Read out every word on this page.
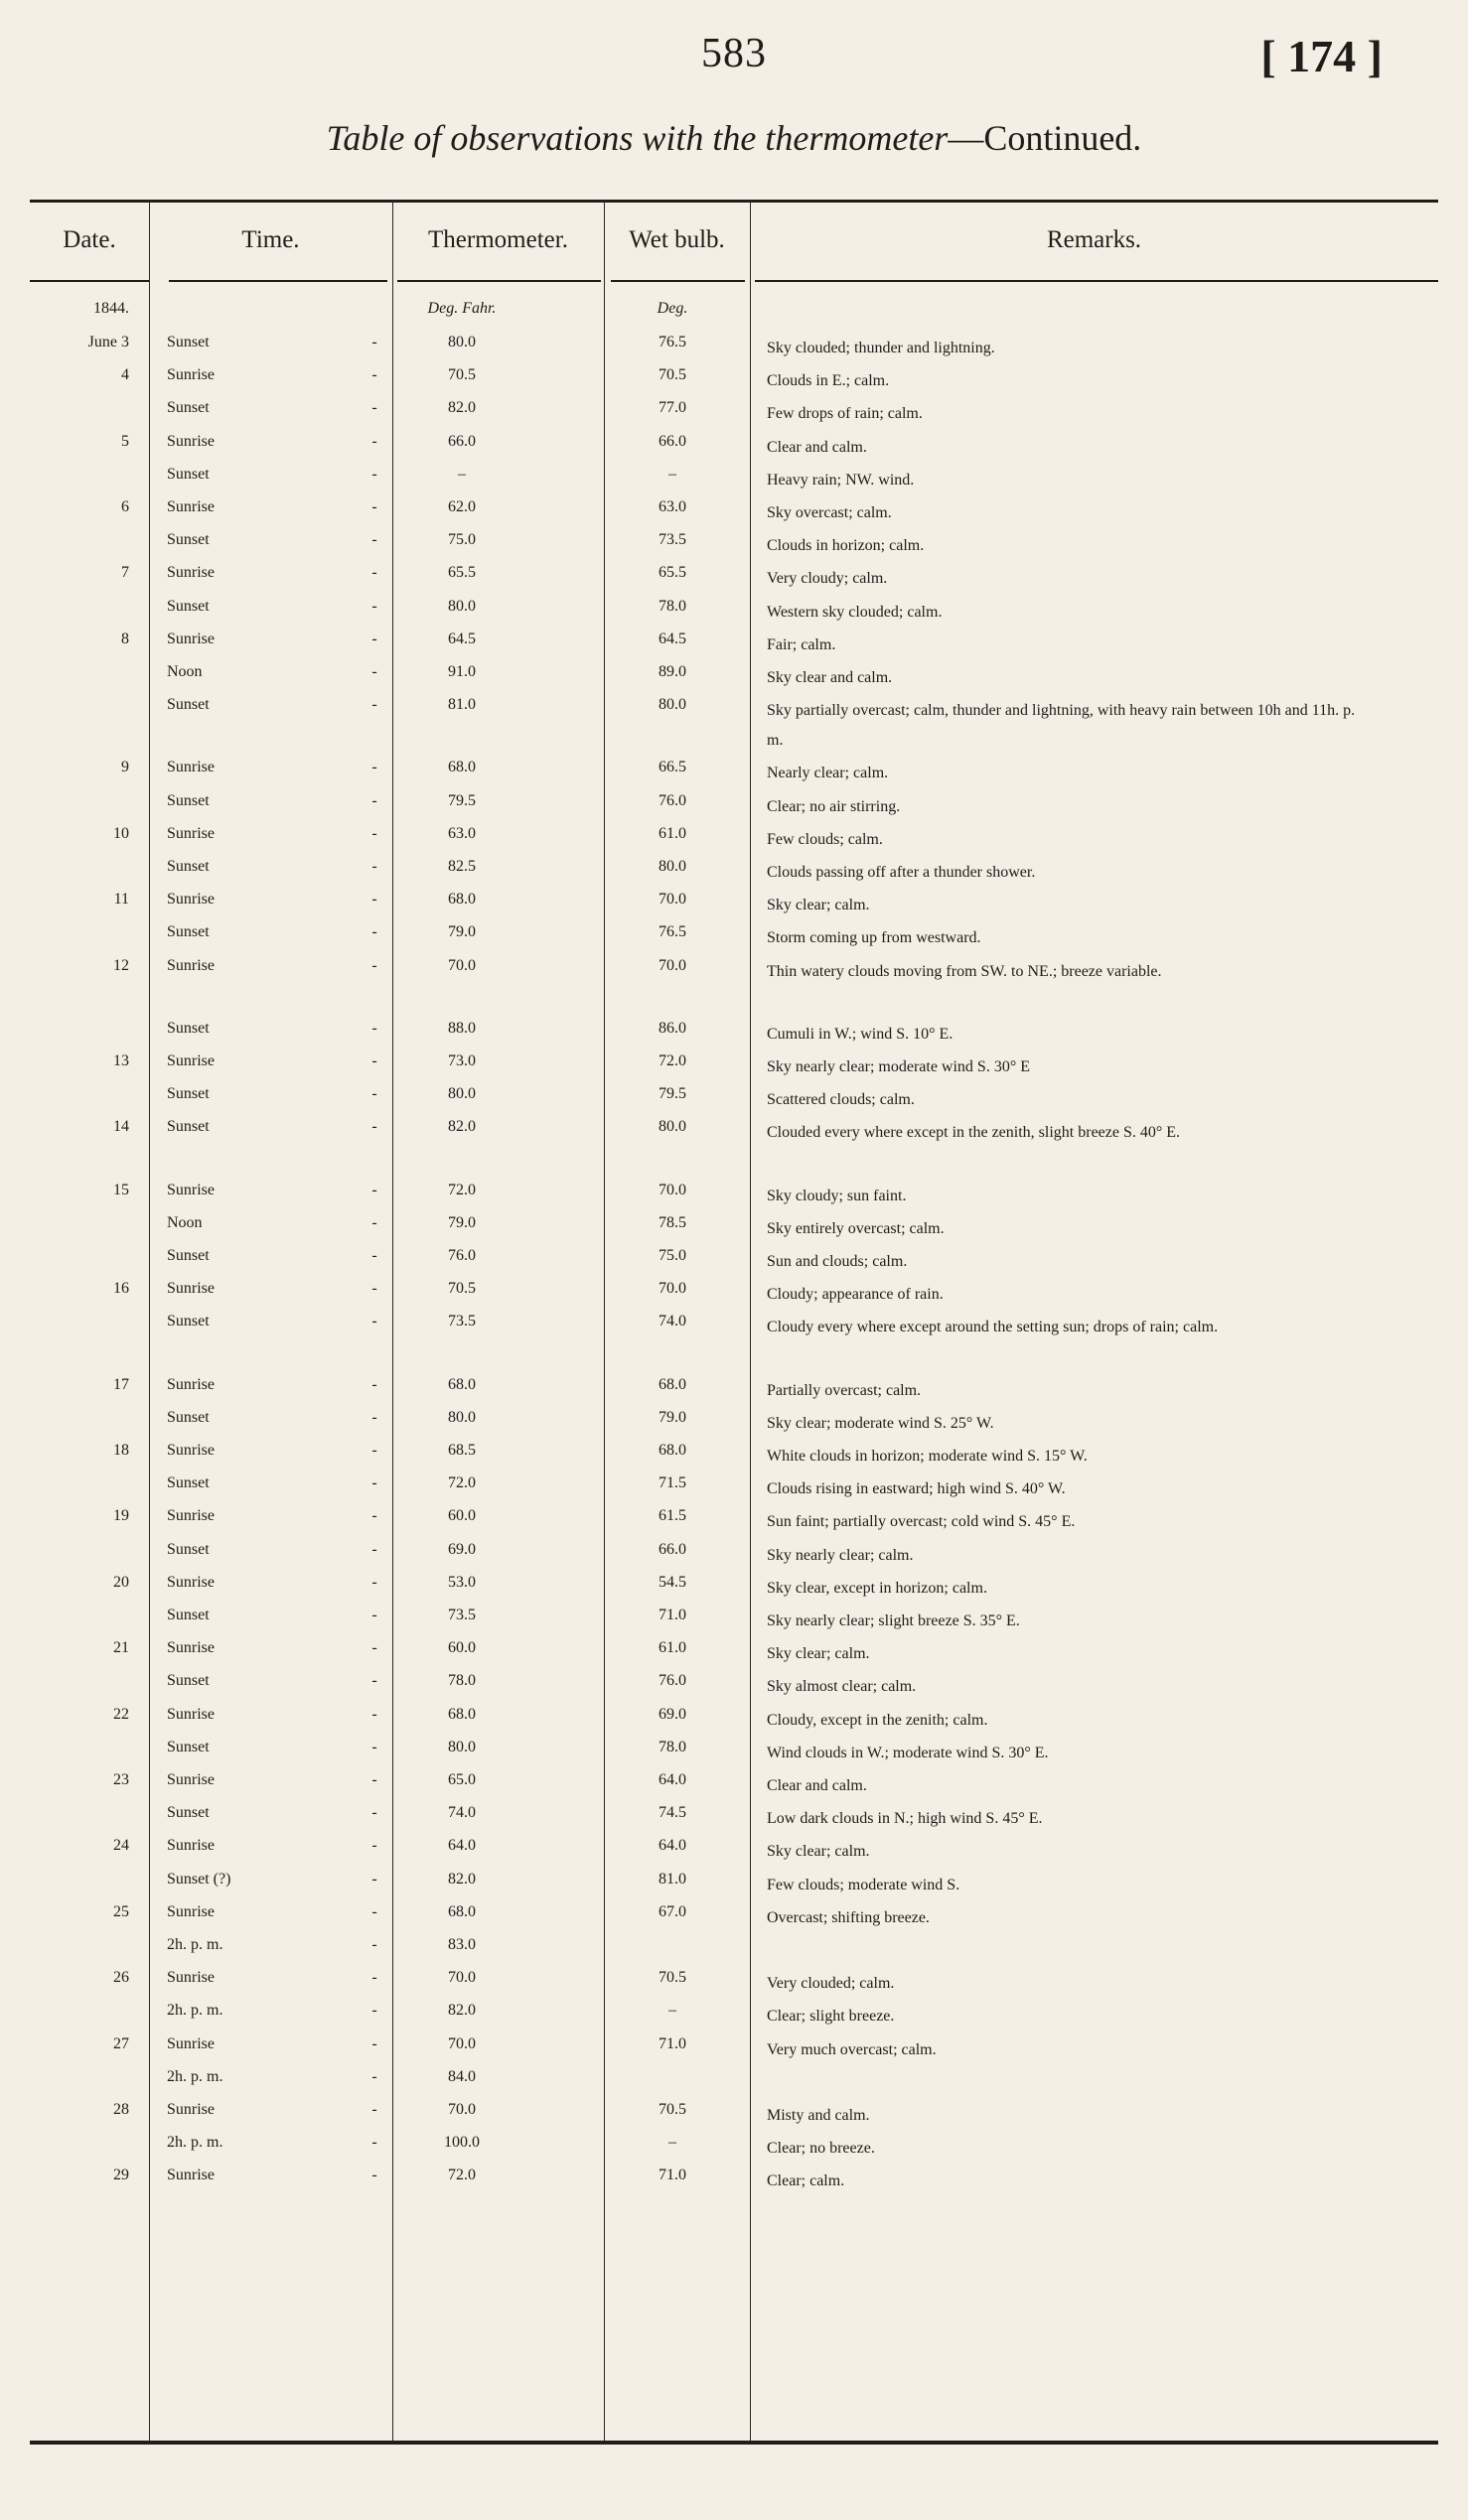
583	[ 174 ]
Table of observations with the thermometer—Continued.
Date.	Time.	Thermometer.	Wet bulb.	Remarks.
1844.	Deg. Fahr.	Deg.
June 3 Sunset	80.0	76.5	Sky clouded; thunder and lightning.
-
4 Sunrise	70.5	70.5	Clouds in E.; calm.
-
Sunset	82.0	77.0	Few drops of rain; calm.
-
5 Sunrise	66.0	66.0	Clear and calm.
-
Sunset	–	–	Heavy rain; NW. wind.
-
6 Sunrise	62.0	63.0	Sky overcast; calm.
-
Sunset	75.0	73.5	Clouds in horizon; calm.
-
7 Sunrise	65.5	65.5	Very cloudy; calm.
-
Sunset	80.0	78.0	Western sky clouded; calm.
-
8 Sunrise	64.5	64.5	Fair; calm.
-
Noon	91.0	89.0	Sky clear and calm.
-
Sunset	81.0	80.0	Sky partially overcast; calm, thunder and lightning, with heavy rain between 10h and 11h. p. m.
-
9 Sunrise	68.0	66.5	Nearly clear; calm.
-
Sunset	79.5	76.0	Clear; no air stirring.
-
10 Sunrise	63.0	61.0	Few clouds; calm.
-
Sunset	82.5	80.0	Clouds passing off after a thunder shower.
-
11 Sunrise	68.0	70.0	Sky clear; calm.
-
Sunset	79.0	76.5	Storm coming up from westward.
-
12 Sunrise	70.0	70.0	Thin watery clouds moving from SW. to NE.; breeze variable.
-
Sunset	88.0	86.0	Cumuli in W.; wind S. 10° E.
-
13 Sunrise	73.0	72.0	Sky nearly clear; moderate wind S. 30° E
-
Sunset	80.0	79.5	Scattered clouds; calm.
-
14 Sunset	82.0	80.0	Clouded every where except in the zenith, slight breeze S. 40° E.
-
15 Sunrise	72.0	70.0	Sky cloudy; sun faint.
-
Noon	79.0	78.5	Sky entirely overcast; calm.
-
Sunset	76.0	75.0	Sun and clouds; calm.
-
16 Sunrise	70.5	70.0	Cloudy; appearance of rain.
-
Sunset	73.5	74.0	Cloudy every where except around the setting sun; drops of rain; calm.
-
17 Sunrise	68.0	68.0	Partially overcast; calm.
-
Sunset	80.0	79.0	Sky clear; moderate wind S. 25° W.
-
18 Sunrise	68.5	68.0	White clouds in horizon; moderate wind S. 15° W.
-
Sunset	72.0	71.5	Clouds rising in eastward; high wind S. 40° W.
-
19 Sunrise	60.0	61.5	Sun faint; partially overcast; cold wind S. 45° E.
-
Sunset	69.0	66.0	Sky nearly clear; calm.
-
20 Sunrise	53.0	54.5	Sky clear, except in horizon; calm.
-
Sunset	73.5	71.0	Sky nearly clear; slight breeze S. 35° E.
-
21 Sunrise	60.0	61.0	Sky clear; calm.
-
Sunset	78.0	76.0	Sky almost clear; calm.
-
22 Sunrise	68.0	69.0	Cloudy, except in the zenith; calm.
-
Sunset	80.0	78.0	Wind clouds in W.; moderate wind S. 30° E.
-
23 Sunrise	65.0	64.0	Clear and calm.
-
Sunset	74.0	74.5	Low dark clouds in N.; high wind S. 45° E.
-
24 Sunrise	64.0	64.0	Sky clear; calm.
-
Sunset (?)	82.0	81.0	Few clouds; moderate wind S.
-
25 Sunrise	68.0	67.0	Overcast; shifting breeze.
-
2h. p. m.	83.0
-
26 Sunrise	70.0	70.5	Very clouded; calm.
-
2h. p. m.	82.0	–	Clear; slight breeze.
-
27 Sunrise	70.0	71.0	Very much overcast; calm.
-
2h. p. m.	84.0
-
28 Sunrise	70.0	70.5	Misty and calm.
-
2h. p. m.	100.0	–	Clear; no breeze.
-
29 Sunrise	72.0	71.0	Clear; calm.
-
